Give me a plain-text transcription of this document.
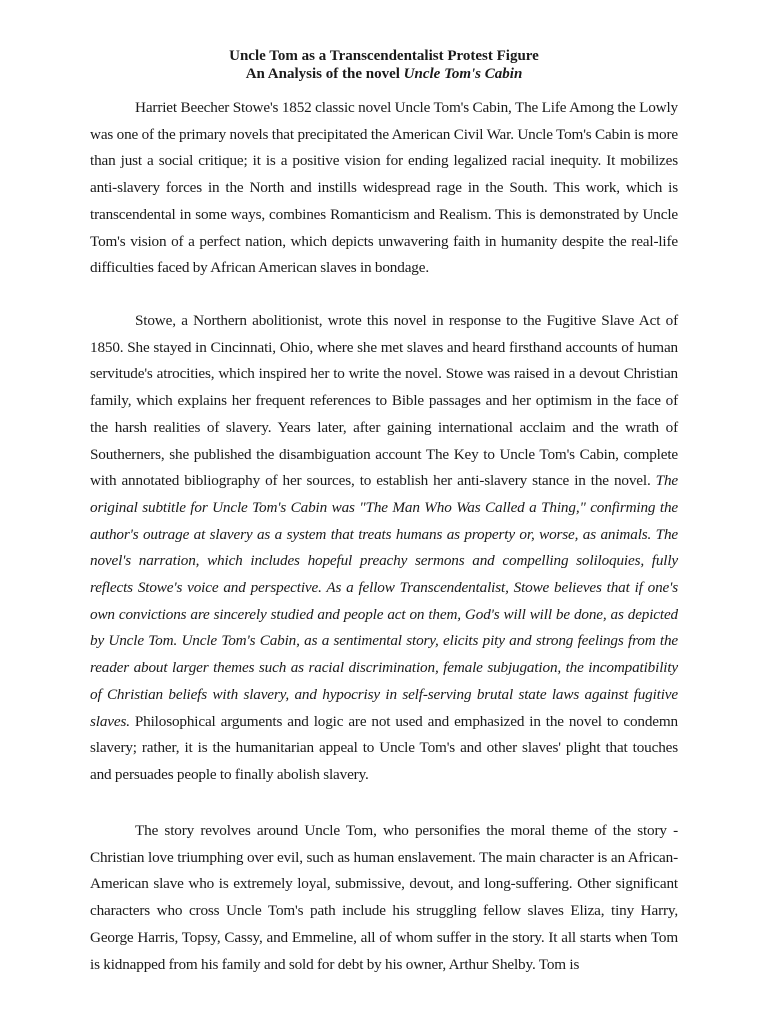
Uncle Tom as a Transcendentalist Protest Figure
An Analysis of the novel Uncle Tom's Cabin

Harriet Beecher Stowe's 1852 classic novel Uncle Tom's Cabin, The Life Among the Lowly was one of the primary novels that precipitated the American Civil War. Uncle Tom's Cabin is more than just a social critique; it is a positive vision for ending legalized racial inequity. It mobilizes anti-slavery forces in the North and instills widespread rage in the South. This work, which is transcendental in some ways, combines Romanticism and Realism. This is demonstrated by Uncle Tom's vision of a perfect nation, which depicts unwavering faith in humanity despite the real-life difficulties faced by African American slaves in bondage.

Stowe, a Northern abolitionist, wrote this novel in response to the Fugitive Slave Act of 1850. She stayed in Cincinnati, Ohio, where she met slaves and heard firsthand accounts of human servitude's atrocities, which inspired her to write the novel. Stowe was raised in a devout Christian family, which explains her frequent references to Bible passages and her optimism in the face of the harsh realities of slavery. Years later, after gaining international acclaim and the wrath of Southerners, she published the disambiguation account The Key to Uncle Tom's Cabin, complete with annotated bibliography of her sources, to establish her anti-slavery stance in the novel. The original subtitle for Uncle Tom's Cabin was "The Man Who Was Called a Thing," confirming the author's outrage at slavery as a system that treats humans as property or, worse, as animals. The novel's narration, which includes hopeful preachy sermons and compelling soliloquies, fully reflects Stowe's voice and perspective. As a fellow Transcendentalist, Stowe believes that if one's own convictions are sincerely studied and people act on them, God's will will be done, as depicted by Uncle Tom. Uncle Tom's Cabin, as a sentimental story, elicits pity and strong feelings from the reader about larger themes such as racial discrimination, female subjugation, the incompatibility of Christian beliefs with slavery, and hypocrisy in self-serving brutal state laws against fugitive slaves. Philosophical arguments and logic are not used and emphasized in the novel to condemn slavery; rather, it is the humanitarian appeal to Uncle Tom's and other slaves' plight that touches and persuades people to finally abolish slavery.

The story revolves around Uncle Tom, who personifies the moral theme of the story - Christian love triumphing over evil, such as human enslavement. The main character is an African-American slave who is extremely loyal, submissive, devout, and long-suffering. Other significant characters who cross Uncle Tom's path include his struggling fellow slaves Eliza, tiny Harry, George Harris, Topsy, Cassy, and Emmeline, all of whom suffer in the story. It all starts when Tom is kidnapped from his family and sold for debt by his owner, Arthur Shelby. Tom is
